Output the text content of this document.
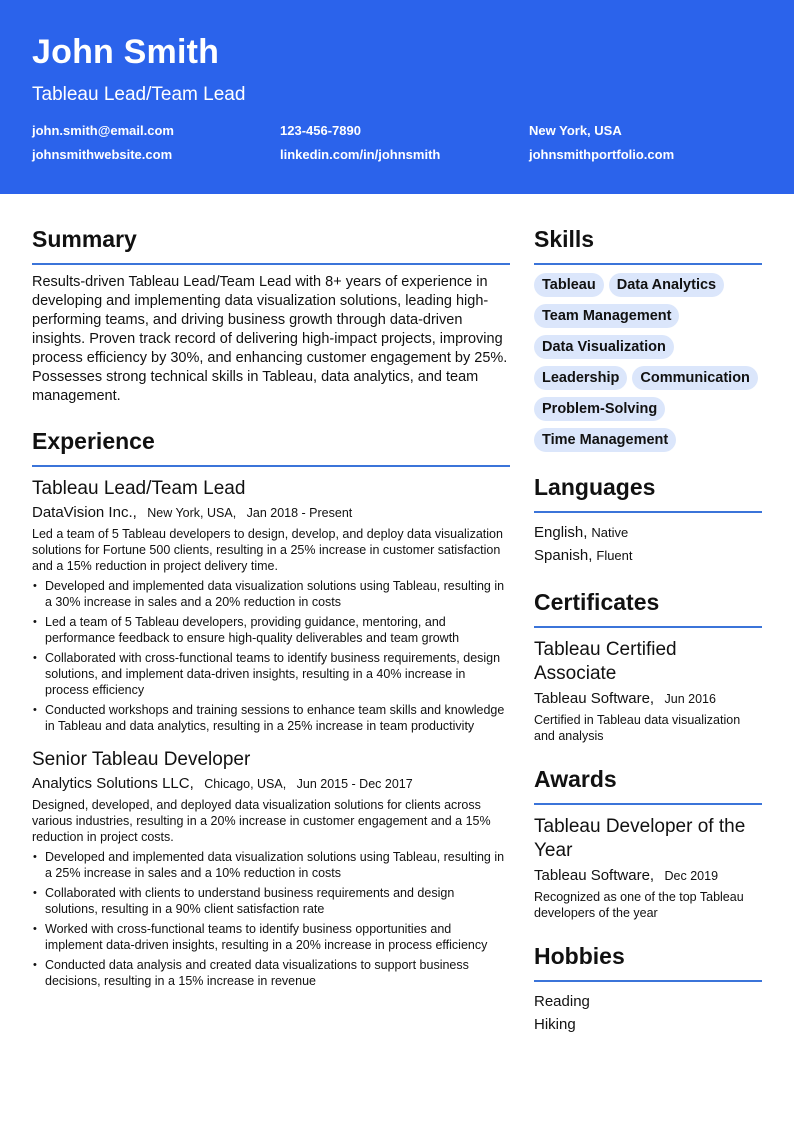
John Smith
Tableau Lead/Team Lead
john.smith@email.com	123-456-7890	New York, USA
johnsmithwebsite.com	linkedin.com/in/johnsmith	johnsmithportfolio.com
Summary
Results-driven Tableau Lead/Team Lead with 8+ years of experience in developing and implementing data visualization solutions, leading high-performing teams, and driving business growth through data-driven insights. Proven track record of delivering high-impact projects, improving process efficiency by 30%, and enhancing customer engagement by 25%. Possesses strong technical skills in Tableau, data analytics, and team management.
Experience
Tableau Lead/Team Lead
DataVision Inc., New York, USA, Jan 2018 - Present
Led a team of 5 Tableau developers to design, develop, and deploy data visualization solutions for Fortune 500 clients, resulting in a 25% increase in customer satisfaction and a 15% reduction in project delivery time.
• Developed and implemented data visualization solutions using Tableau, resulting in a 30% increase in sales and a 20% reduction in costs
• Led a team of 5 Tableau developers, providing guidance, mentoring, and performance feedback to ensure high-quality deliverables and team growth
• Collaborated with cross-functional teams to identify business requirements, design solutions, and implement data-driven insights, resulting in a 40% increase in process efficiency
• Conducted workshops and training sessions to enhance team skills and knowledge in Tableau and data analytics, resulting in a 25% increase in team productivity
Senior Tableau Developer
Analytics Solutions LLC, Chicago, USA, Jun 2015 - Dec 2017
Designed, developed, and deployed data visualization solutions for clients across various industries, resulting in a 20% increase in customer engagement and a 15% reduction in project costs.
• Developed and implemented data visualization solutions using Tableau, resulting in a 25% increase in sales and a 10% reduction in costs
• Collaborated with clients to understand business requirements and design solutions, resulting in a 90% client satisfaction rate
• Worked with cross-functional teams to identify business opportunities and implement data-driven insights, resulting in a 20% increase in process efficiency
• Conducted data analysis and created data visualizations to support business decisions, resulting in a 15% increase in revenue
Skills
Tableau	Data Analytics
Team Management
Data Visualization
Leadership	Communication
Problem-Solving
Time Management
Languages
English, Native
Spanish, Fluent
Certificates
Tableau Certified Associate
Tableau Software, Jun 2016
Certified in Tableau data visualization and analysis
Awards
Tableau Developer of the Year
Tableau Software, Dec 2019
Recognized as one of the top Tableau developers of the year
Hobbies
Reading
Hiking
